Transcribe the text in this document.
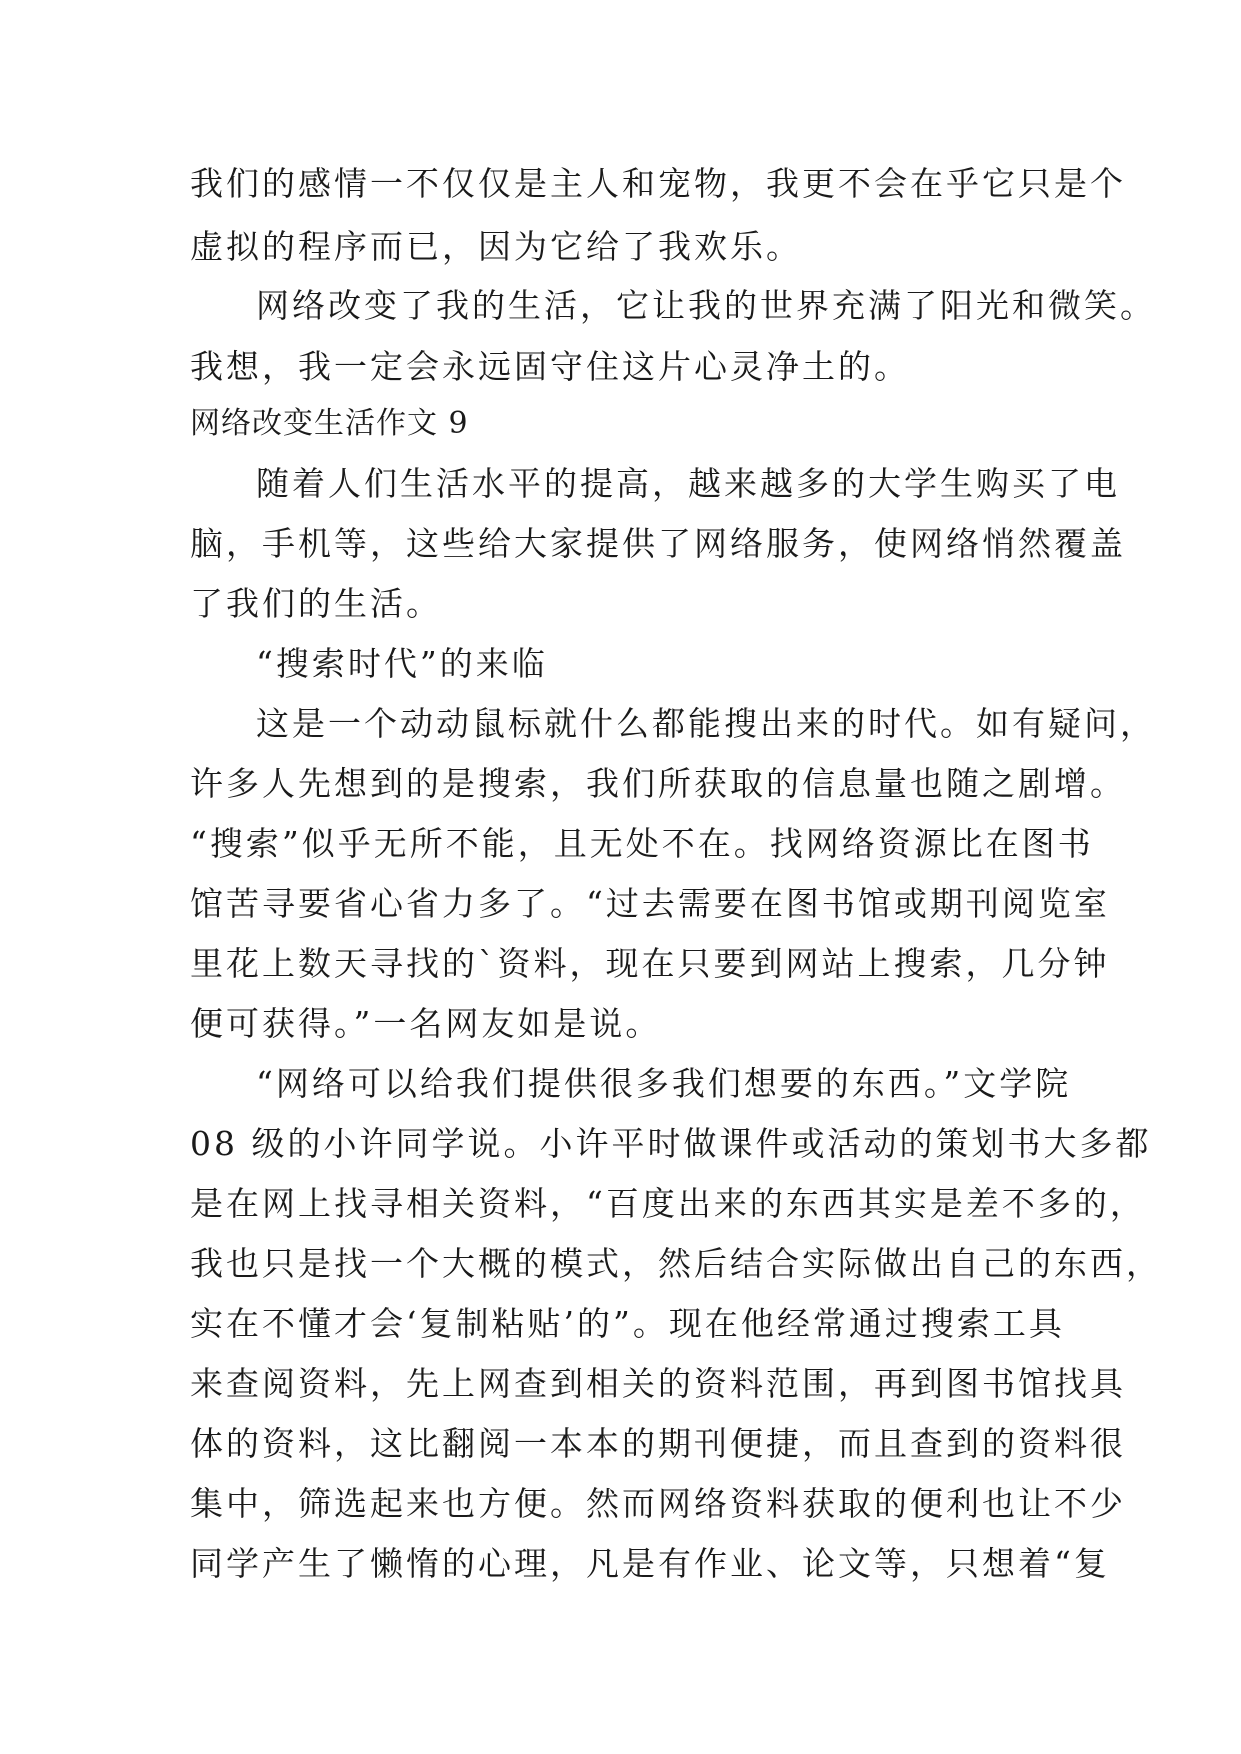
我们的感情一不仅仅是主人和宠物，我更不会在乎它只是个
虚拟的程序而已，因为它给了我欢乐。
网络改变了我的生活，它让我的世界充满了阳光和微笑。
我想，我一定会永远固守住这片心灵净土的。
网络改变生活作文 9
随着人们生活水平的提高，越来越多的大学生购买了电
脑，手机等，这些给大家提供了网络服务，使网络悄然覆盖
了我们的生活。
“搜索时代”的来临
这是一个动动鼠标就什么都能搜出来的时代。如有疑问，
许多人先想到的是搜索，我们所获取的信息量也随之剧增。
“搜索”似乎无所不能，且无处不在。找网络资源比在图书
馆苦寻要省心省力多了。“过去需要在图书馆或期刊阅览室
里花上数天寻找的`资料，现在只要到网站上搜索，几分钟
便可获得。”一名网友如是说。
“网络可以给我们提供很多我们想要的东西。”文学院
08 级的小许同学说。小许平时做课件或活动的策划书大多都
是在网上找寻相关资料，“百度出来的东西其实是差不多的，
我也只是找一个大概的模式，然后结合实际做出自己的东西，
实在不懂才会‘复制粘贴’的”。现在他经常通过搜索工具
来查阅资料，先上网查到相关的资料范围，再到图书馆找具
体的资料，这比翻阅一本本的期刊便捷，而且查到的资料很
集中，筛选起来也方便。然而网络资料获取的便利也让不少
同学产生了懒惰的心理，凡是有作业、论文等，只想着“复
